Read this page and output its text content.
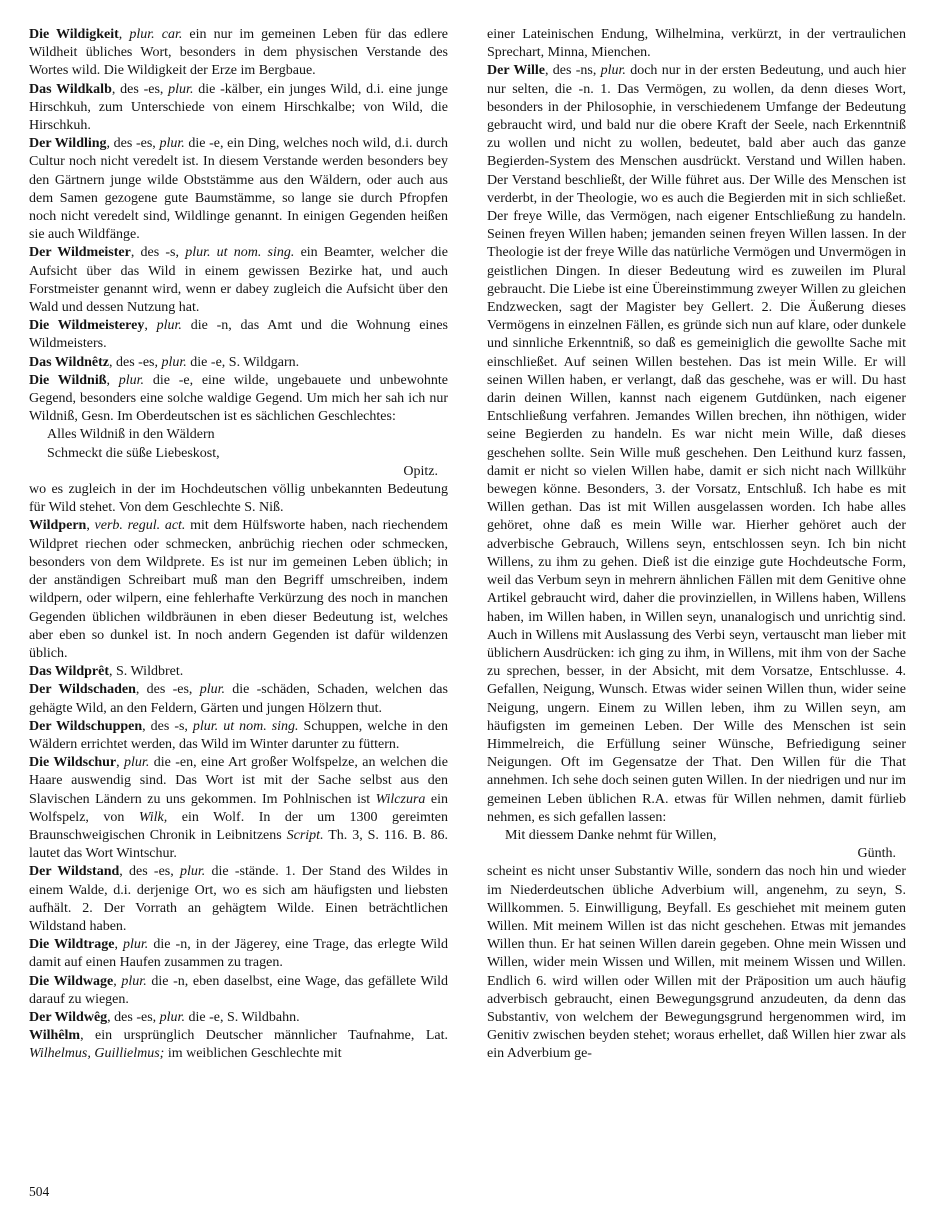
Die Wildigkeit, plur. car. ein nur im gemeinen Leben für das edlere Wildheit übliches Wort, besonders in dem physischen Verstande des Wortes wild. Die Wildigkeit der Erze im Bergbaue.

Das Wildkalb, des -es, plur. die -kälber, ein junges Wild, d.i. eine junge Hirschkuh, zum Unterschiede von einem Hirschkalbe; von Wild, die Hirschkuh.

Der Wildling, des -es, plur. die -e, ein Ding, welches noch wild, d.i. durch Cultur noch nicht veredelt ist. In diesem Verstande werden besonders bey den Gärtnern junge wilde Obststämme aus den Wäldern, oder auch aus dem Samen gezogene gute Baumstämme, so lange sie durch Pfropfen noch nicht veredelt sind, Wildlinge genannt. In einigen Gegenden heißen sie auch Wildfänge.

Der Wildmeister, des -s, plur. ut nom. sing. ein Beamter, welcher die Aufsicht über das Wild in einem gewissen Bezirke hat, und auch Forstmeister genannt wird, wenn er dabey zugleich die Aufsicht über den Wald und dessen Nutzung hat.

Die Wildmeisterey, plur. die -n, das Amt und die Wohnung eines Wildmeisters.

Das Wildnêtz, des -es, plur. die -e, S. Wildgarn.

Die Wildniß, plur. die -e, eine wilde, ungebauete und unbewohnte Gegend, besonders eine solche waldige Gegend. Um mich her sah ich nur Wildniß, Gesn. Im Oberdeutschen ist es sächlichen Geschlechtes:

Alles Wildniß in den Wäldern

Schmeckt die süße Liebeskost,

Opitz.

wo es zugleich in der im Hochdeutschen völlig unbekannten Bedeutung für Wild stehet. Von dem Geschlechte S. Niß.

Wildpern, verb. regul. act. mit dem Hülfsworte haben, nach riechendem Wildpret riechen oder schmecken, anbrüchig riechen oder schmecken, besonders von dem Wildprete. Es ist nur im gemeinen Leben üblich; in der anständigen Schreibart muß man den Begriff umschreiben, indem wildpern, oder wilpern, eine fehlerhafte Verkürzung des noch in manchen Gegenden üblichen wildbräunen in eben dieser Bedeutung ist, welches aber eben so dunkel ist. In noch andern Gegenden ist dafür wildenzen üblich.

Das Wildprêt, S. Wildbret.

Der Wildschaden, des -es, plur. die -schäden, Schaden, welchen das gehägte Wild, an den Feldern, Gärten und jungen Hölzern thut.

Der Wildschuppen, des -s, plur. ut nom. sing. Schuppen, welche in den Wäldern errichtet werden, das Wild im Winter darunter zu füttern.

Die Wildschur, plur. die -en, eine Art großer Wolfspelze, an welchen die Haare auswendig sind. Das Wort ist mit der Sache selbst aus den Slavischen Ländern zu uns gekommen. Im Pohlnischen ist Wilczura ein Wolfspelz, von Wilk, ein Wolf. In der um 1300 gereimten Braunschweigischen Chronik in Leibnitzens Script. Th. 3, S. 116. B. 86. lautet das Wort Wintschur.

Der Wildstand, des -es, plur. die -stände. 1. Der Stand des Wildes in einem Walde, d.i. derjenige Ort, wo es sich am häufigsten und liebsten aufhält. 2. Der Vorrath an gehägtem Wilde. Einen beträchtlichen Wildstand haben.

Die Wildtrage, plur. die -n, in der Jägerey, eine Trage, das erlegte Wild damit auf einen Haufen zusammen zu tragen.

Die Wildwage, plur. die -n, eben daselbst, eine Wage, das gefällete Wild darauf zu wiegen.

Der Wildwêg, des -es, plur. die -e, S. Wildbahn.

Wilhêlm, ein ursprünglich Deutscher männlicher Taufnahme, Lat. Wilhelmus, Guillielmus; im weiblichen Geschlechte mit

einer Lateinischen Endung, Wilhelmina, verkürzt, in der vertraulichen Sprechart, Minna, Mienchen.

Der Wille, des -ns, plur. doch nur in der ersten Bedeutung, und auch hier nur selten, die -n. 1. Das Vermögen, zu wollen, da denn dieses Wort, besonders in der Philosophie, in verschiedenem Umfange der Bedeutung gebraucht wird, und bald nur die obere Kraft der Seele, nach Erkenntniß zu wollen und nicht zu wollen, bedeutet, bald aber auch das ganze Begierden-System des Menschen ausdrückt. Verstand und Willen haben. Der Verstand beschließt, der Wille führet aus. Der Wille des Menschen ist verderbt, in der Theologie, wo es auch die Begierden mit in sich schließet. Der freye Wille, das Vermögen, nach eigener Entschließung zu handeln. Seinen freyen Willen haben; jemanden seinen freyen Willen lassen. In der Theologie ist der freye Wille das natürliche Vermögen und Unvermögen in geistlichen Dingen. In dieser Bedeutung wird es zuweilen im Plural gebraucht. Die Liebe ist eine Übereinstimmung zweyer Willen zu gleichen Endzwecken, sagt der Magister bey Gellert. 2. Die Äußerung dieses Vermögens in einzelnen Fällen, es gründe sich nun auf klare, oder dunkele und sinnliche Erkenntniß, so daß es gemeiniglich die gewollte Sache mit einschließet. Auf seinen Willen bestehen. Das ist mein Wille. Er will seinen Willen haben, er verlangt, daß das geschehe, was er will. Du hast darin deinen Willen, kannst nach eigenem Gutdünken, nach eigener Entschließung verfahren. Jemandes Willen brechen, ihn nöthigen, wider seine Begierden zu handeln. Es war nicht mein Wille, daß dieses geschehen sollte. Sein Wille muß geschehen. Den Leithund kurz fassen, damit er nicht so vielen Willen habe, damit er sich nicht nach Willkühr bewegen könne. Besonders, 3. der Vorsatz, Entschluß. Ich habe es mit Willen gethan. Das ist mit Willen ausgelassen worden. Ich habe alles gehöret, ohne daß es mein Wille war. Hierher gehöret auch der adverbische Gebrauch, Willens seyn, entschlossen seyn. Ich bin nicht Willens, zu ihm zu gehen. Dieß ist die einzige gute Hochdeutsche Form, weil das Verbum seyn in mehrern ähnlichen Fällen mit dem Genitive ohne Artikel gebraucht wird, daher die provinziellen, in Willens haben, Willens haben, im Willen haben, in Willen seyn, unanalogisch und unrichtig sind. Auch in Willens mit Auslassung des Verbi seyn, vertauscht man lieber mit üblichern Ausdrücken: ich ging zu ihm, in Willens, mit ihm von der Sache zu sprechen, besser, in der Absicht, mit dem Vorsatze, Entschlusse. 4. Gefallen, Neigung, Wunsch. Etwas wider seinen Willen thun, wider seine Neigung, ungern. Einem zu Willen leben, ihm zu Willen seyn, am häufigsten im gemeinen Leben. Der Wille des Menschen ist sein Himmelreich, die Erfüllung seiner Wünsche, Befriedigung seiner Neigungen. Oft im Gegensatze der That. Den Willen für die That annehmen. Ich sehe doch seinen guten Willen. In der niedrigen und nur im gemeinen Leben üblichen R.A. etwas für Willen nehmen, damit fürlieb nehmen, es sich gefallen lassen:

Mit diessem Danke nehmt für Willen,

Günth.

scheint es nicht unser Substantiv Wille, sondern das noch hin und wieder im Niederdeutschen übliche Adverbium will, angenehm, zu seyn, S. Willkommen. 5. Einwilligung, Beyfall. Es geschiehet mit meinem guten Willen. Mit meinem Willen ist das nicht geschehen. Etwas mit jemandes Willen thun. Er hat seinen Willen darein gegeben. Ohne mein Wissen und Willen, wider mein Wissen und Willen, mit meinem Wissen und Willen. Endlich 6. wird willen oder Willen mit der Präposition um auch häufig adverbisch gebraucht, einen Bewegungsgrund anzudeuten, da denn das Substantiv, von welchem der Bewegungsgrund hergenommen wird, im Genitiv zwischen beyden stehet; woraus erhellet, daß Willen hier zwar als ein Adverbium ge-

504
